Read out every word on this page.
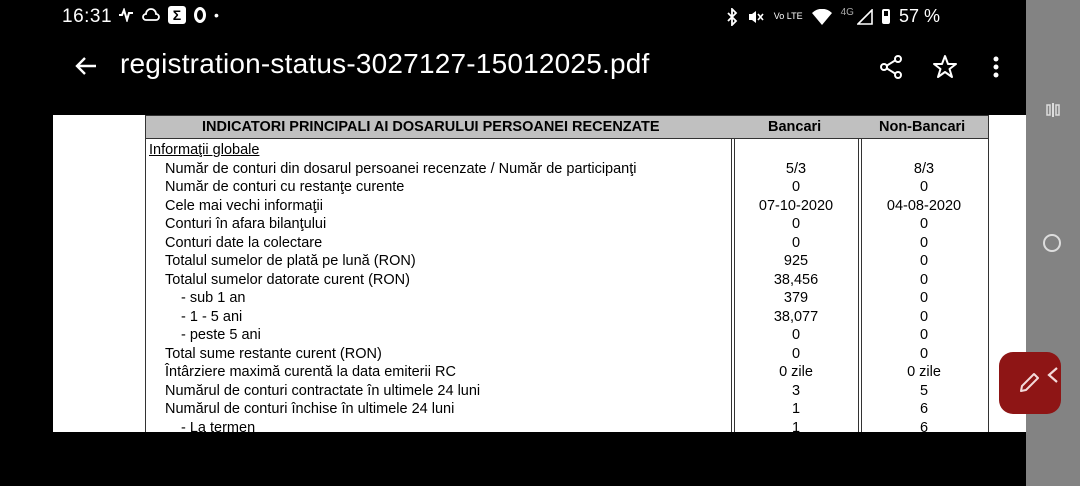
16:31	Σ	•	Vo LTE	4G	57 %
registration-status-3027127-15012025.pdf
INDICATORI PRINCIPALI AI DOSARULUI PERSOANEI RECENZATE	Bancari	Non-Bancari
Informaţii globale
Număr de conturi din dosarul persoanei recenzate / Număr de participanţi	5/3	8/3
Număr de conturi cu restanţe curente	0	0
Cele mai vechi informaţii	07-10-2020	04-08-2020
Conturi în afara bilanţului	0	0
Conturi date la colectare	0	0
Totalul sumelor de plată pe lună (RON)	925	0
Totalul sumelor datorate curent (RON)	38,456	0
- sub 1 an	379	0
- 1 - 5 ani	38,077	0
- peste 5 ani	0	0
Total sume restante curent (RON)	0	0
Întârziere maximă curentă la data emiterii RC	0 zile	0 zile
Numărul de conturi contractate în ultimele 24 luni	3	5
Numărul de conturi închise în ultimele 24 luni	1	6
- La termen	1	6
